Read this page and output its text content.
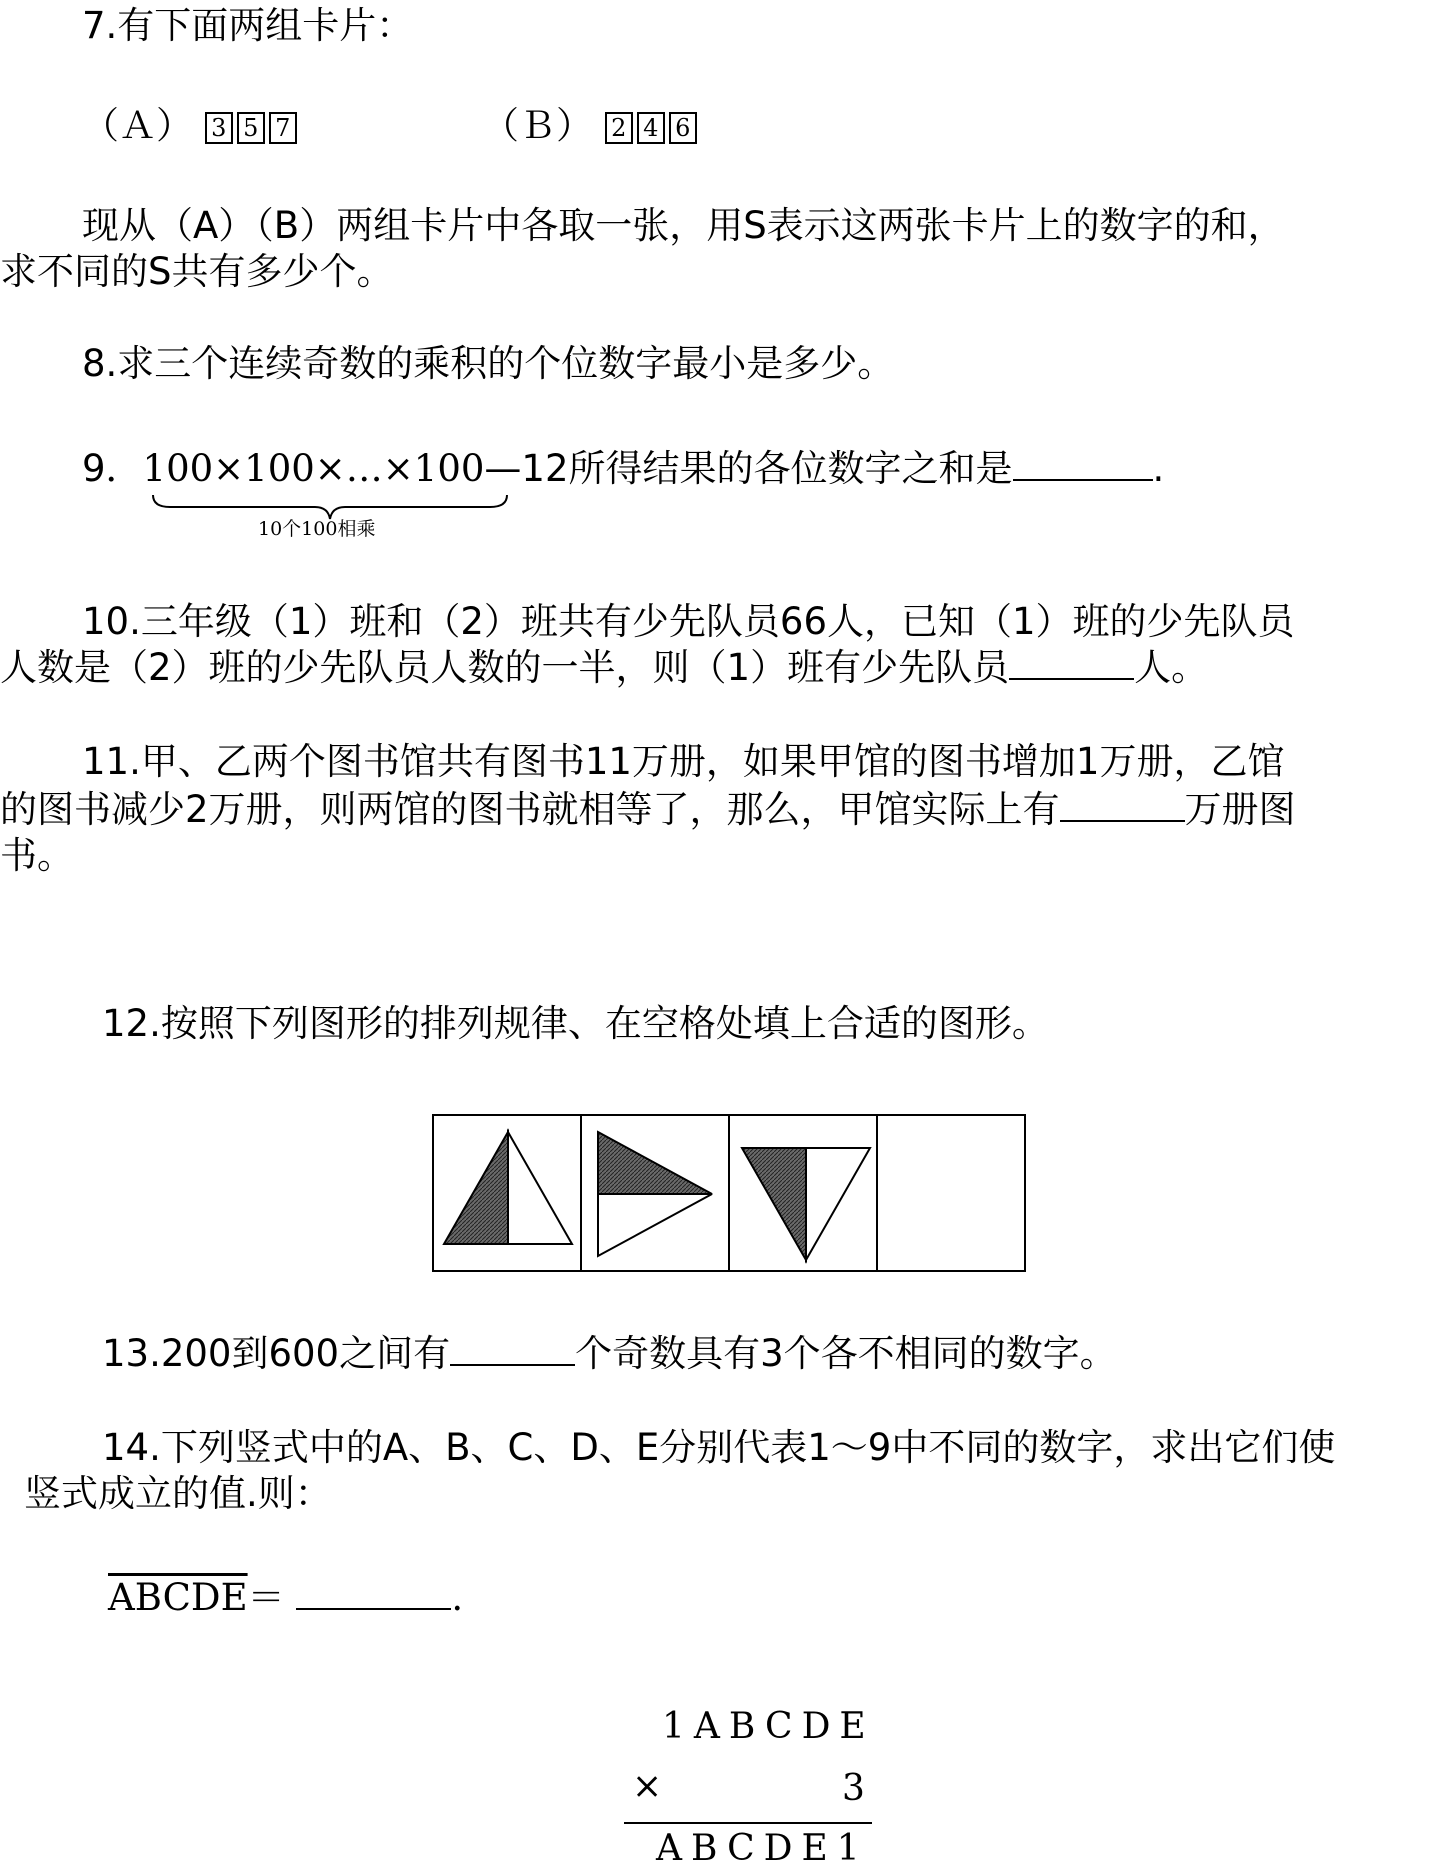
7.有下面两组卡片：
（Ａ） 3 5 7	（Ｂ） 2 4 6
现从（A）（B）两组卡片中各取一张，用S表示这两张卡片上的数字的和，
求不同的S共有多少个。
8.求三个连续奇数的乘积的个位数字最小是多少。
9．100×100×…×100—12所得结果的各位数字之和是	.
10个100相乘
10.三年级（1）班和（2）班共有少先队员66人，已知（1）班的少先队员
人数是（2）班的少先队员人数的一半，则（1）班有少先队员	人。
11.甲、乙两个图书馆共有图书11万册，如果甲馆的图书增加1万册，乙馆
的图书减少2万册，则两馆的图书就相等了，那么，甲馆实际上有	万册图
书。
12.按照下列图形的排列规律、在空格处填上合适的图形。
13.200到600之间有	个奇数具有3个各不相同的数字。
14.下列竖式中的A、B、C、D、E分别代表1～9中不同的数字，求出它们使
竖式成立的值.则：
ABCDE＝	.
1ABCDE
×	3
ABCDE1
